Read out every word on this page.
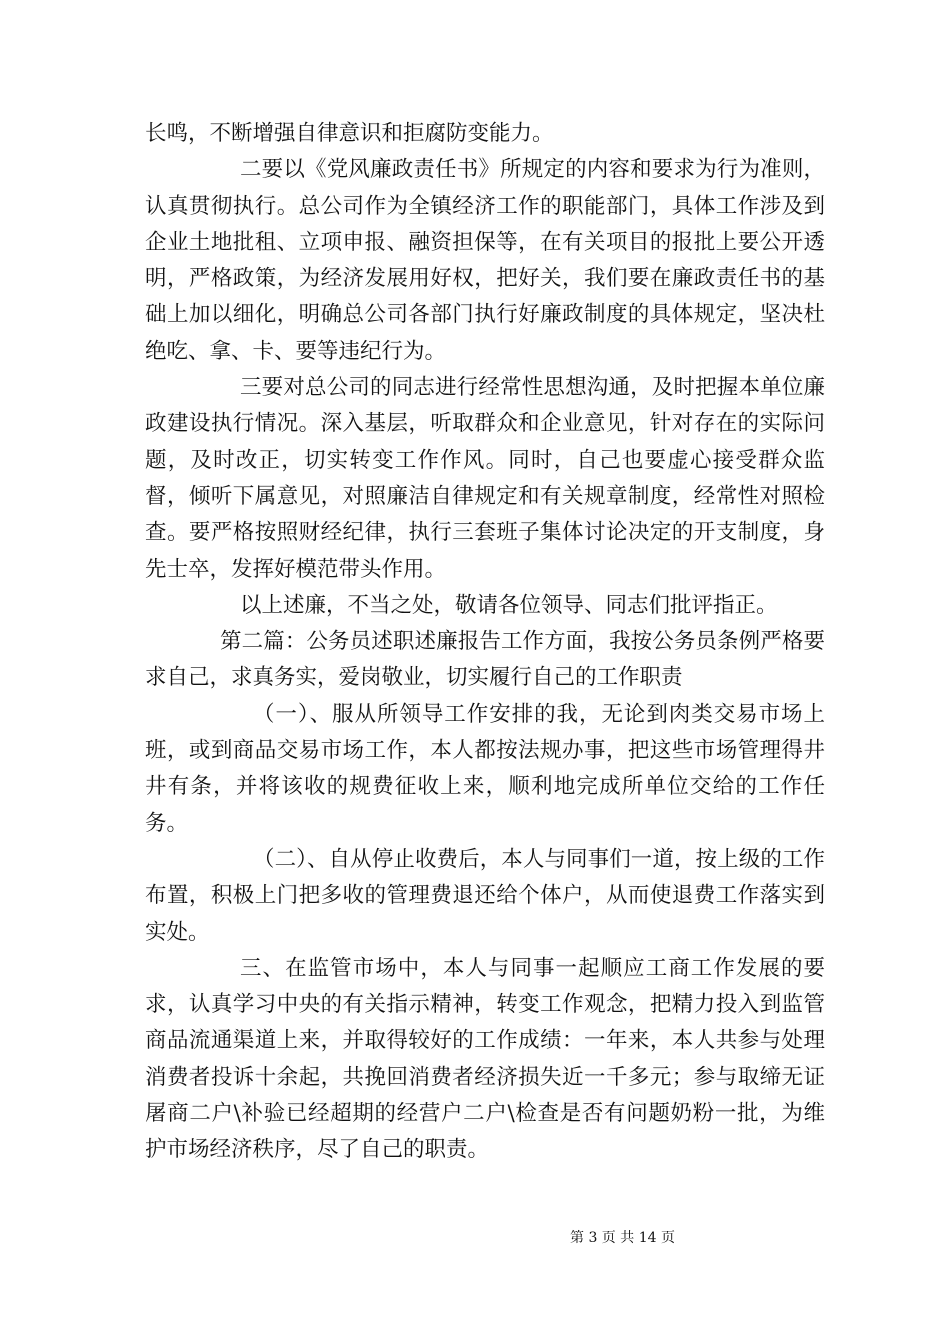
长鸣，不断增强自律意识和拒腐防变能力。

二要以《党风廉政责任书》所规定的内容和要求为行为准则，认真贯彻执行。总公司作为全镇经济工作的职能部门，具体工作涉及到企业土地批租、立项申报、融资担保等，在有关项目的报批上要公开透明，严格政策，为经济发展用好权，把好关，我们要在廉政责任书的基础上加以细化，明确总公司各部门执行好廉政制度的具体规定，坚决杜绝吃、拿、卡、要等违纪行为。

三要对总公司的同志进行经常性思想沟通，及时把握本单位廉政建设执行情况。深入基层，听取群众和企业意见，针对存在的实际问题，及时改正，切实转变工作作风。同时，自己也要虚心接受群众监督，倾听下属意见，对照廉洁自律规定和有关规章制度，经常性对照检查。要严格按照财经纪律，执行三套班子集体讨论决定的开支制度，身先士卒，发挥好模范带头作用。

以上述廉，不当之处，敬请各位领导、同志们批评指正。

第二篇：公务员述职述廉报告工作方面，我按公务员条例严格要求自己，求真务实，爱岗敬业，切实履行自己的工作职责

（一）、服从所领导工作安排的我，无论到肉类交易市场上班，或到商品交易市场工作，本人都按法规办事，把这些市场管理得井井有条，并将该收的规费征收上来，顺利地完成所单位交给的工作任务。

（二）、自从停止收费后，本人与同事们一道，按上级的工作布置，积极上门把多收的管理费退还给个体户，从而使退费工作落实到实处。

三、在监管市场中，本人与同事一起顺应工商工作发展的要求，认真学习中央的有关指示精神，转变工作观念，把精力投入到监管商品流通渠道上来，并取得较好的工作成绩：一年来，本人共参与处理消费者投诉十余起，共挽回消费者经济损失近一千多元；参与取缔无证屠商二户\补验已经超期的经营户二户\检查是否有问题奶粉一批，为维护市场经济秩序，尽了自己的职责。

第 3 页 共 14 页
